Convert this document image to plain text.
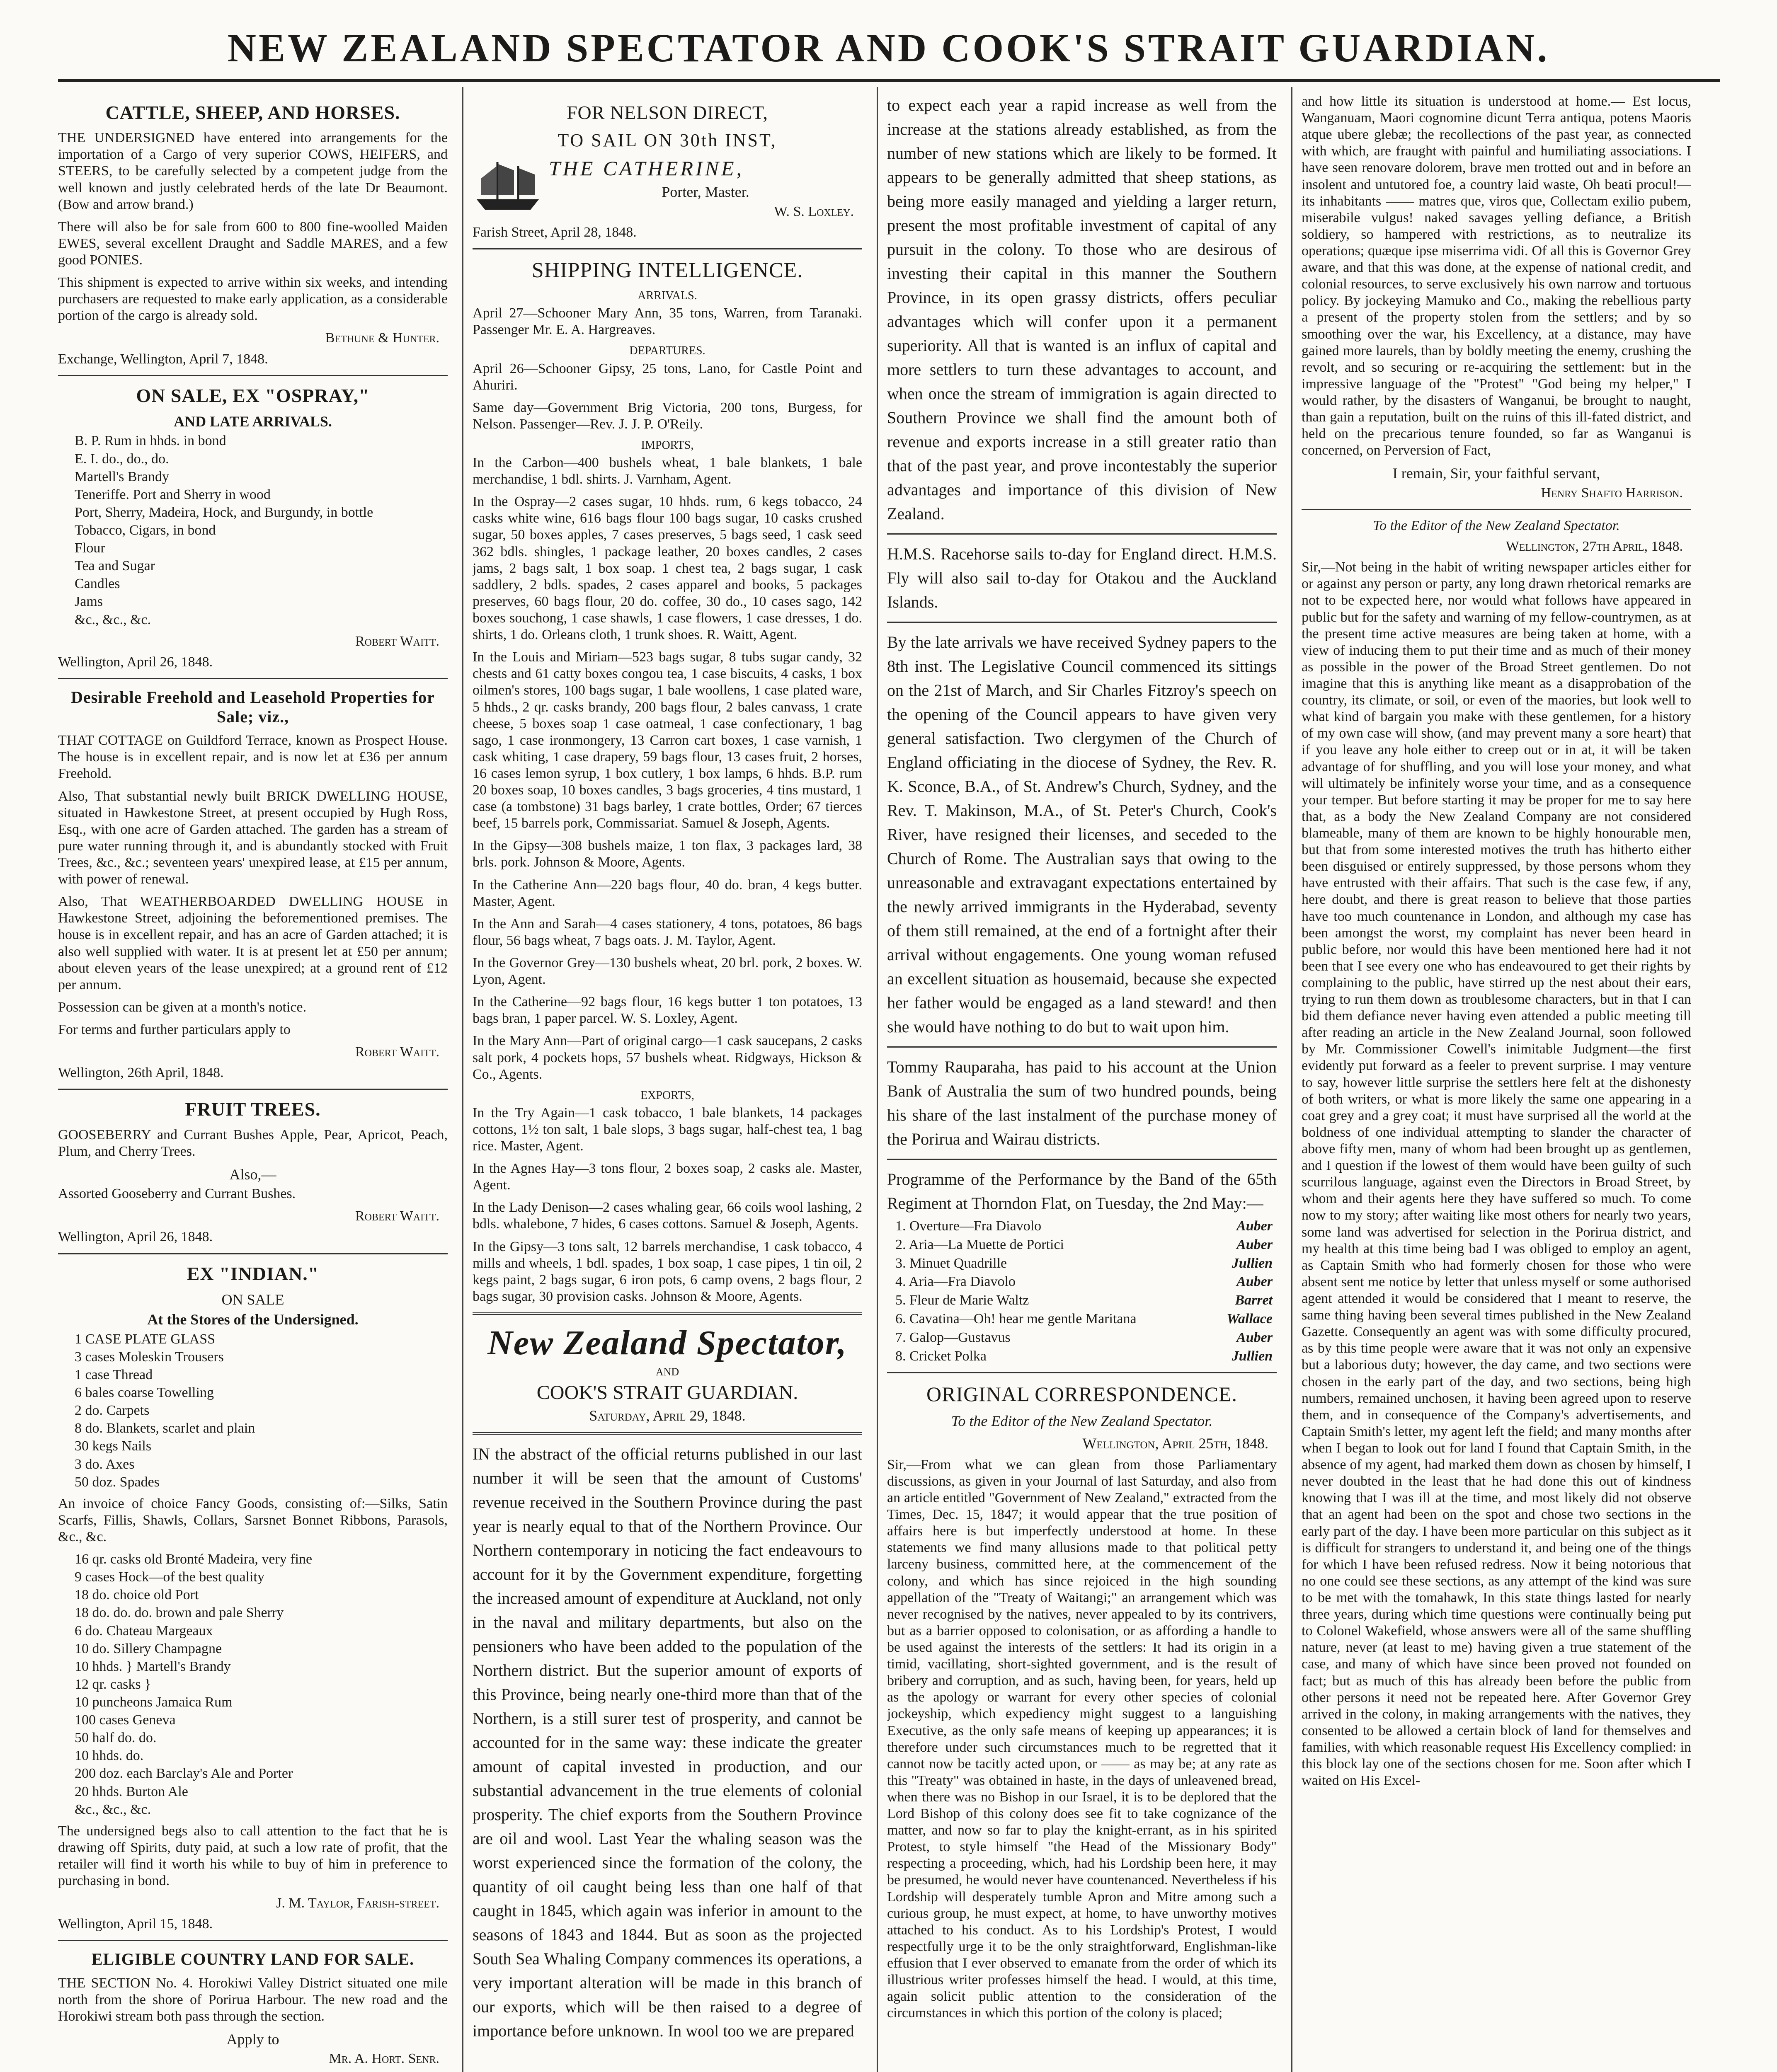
NEW ZEALAND SPECTATOR AND COOK'S STRAIT GUARDIAN.
CATTLE, SHEEP, AND HORSES.
THE UNDERSIGNED have entered into arrangements for the importation of a Cargo of very superior COWS, HEIFERS, and STEERS, to be carefully selected by a competent judge from the well known and justly celebrated herds of the late Dr Beaumont. (Bow and arrow brand.)
There will also be for sale from 600 to 800 fine-woolled Maiden EWES, several excellent Draught and Saddle MARES, and a few good PONIES.
This shipment is expected to arrive within six weeks, and intending purchasers are requested to make early application, as a considerable portion of the cargo is already sold.
Bethune & Hunter.
Exchange, Wellington, April 7, 1848.
ON SALE, EX "OSPRAY,"
AND LATE ARRIVALS.
B. P. Rum in hhds. in bond
E. I. do., do., do.
Martell's Brandy
Teneriffe. Port and Sherry in wood
Port, Sherry, Madeira, Hock, and Burgundy, in bottle
Tobacco, Cigars, in bond
Flour
Tea and Sugar
Candles
Jams
&c., &c., &c.
Robert Waitt.
Wellington, April 26, 1848.
Desirable Freehold and Leasehold Properties for Sale; viz.,
THAT COTTAGE on Guildford Terrace, known as Prospect House. The house is in excellent repair, and is now let at £36 per annum Freehold.
Also, That substantial newly built BRICK DWELLING HOUSE, situated in Hawkestone Street, at present occupied by Hugh Ross, Esq., with one acre of Garden attached. The garden has a stream of pure water running through it, and is abundantly stocked with Fruit Trees, &c., &c.; seventeen years' unexpired lease, at £15 per annum, with power of renewal.
Also, That WEATHERBOARDED DWELLING HOUSE in Hawkestone Street, adjoining the beforementioned premises. The house is in excellent repair, and has an acre of Garden attached; it is also well supplied with water. It is at present let at £50 per annum; about eleven years of the lease unexpired; at a ground rent of £12 per annum.
Possession can be given at a month's notice.
For terms and further particulars apply to
Robert Waitt.
Wellington, 26th April, 1848.
FRUIT TREES.
GOOSEBERRY and Currant Bushes Apple, Pear, Apricot, Peach, Plum, and Cherry Trees.
Also,—
Assorted Gooseberry and Currant Bushes.
Robert Waitt.
Wellington, April 26, 1848.
EX "INDIAN."
ON SALE
At the Stores of the Undersigned.
1 CASE PLATE GLASS
3 cases Moleskin Trousers
1 case Thread
6 bales coarse Towelling
2 do. Carpets
8 do. Blankets, scarlet and plain
30 kegs Nails
3 do. Axes
50 doz. Spades
An invoice of choice Fancy Goods, consisting of:—Silks, Satin Scarfs, Fillis, Shawls, Collars, Sarsnet Bonnet Ribbons, Parasols, &c., &c.
16 qr. casks old Bronté Madeira, very fine
9 cases Hock—of the best quality
18 do. choice old Port
18 do. do. do. brown and pale Sherry
6 do. Chateau Margeaux
10 do. Sillery Champagne
10 hhds. } Martell's Brandy
12 qr. casks }
10 puncheons Jamaica Rum
100 cases Geneva
50 half do. do.
10 hhds. do.
200 doz. each Barclay's Ale and Porter
20 hhds. Burton Ale
&c., &c., &c.
The undersigned begs also to call attention to the fact that he is drawing off Spirits, duty paid, at such a low rate of profit, that the retailer will find it worth his while to buy of him in preference to purchasing in bond.
J. M. Taylor, Farish-street.
Wellington, April 15, 1848.
ELIGIBLE COUNTRY LAND FOR SALE.
THE SECTION No. 4. Horokiwi Valley District situated one mile north from the shore of Porirua Harbour. The new road and the Horokiwi stream both pass through the section.
Apply to
Mr. A. Hort. Senr.
FOR NELSON DIRECT,
TO SAIL ON 30th INST,
THE CATHERINE,
Porter, Master.
W. S. Loxley.
Farish Street, April 28, 1848.
SHIPPING INTELLIGENCE.
ARRIVALS.
April 27—Schooner Mary Ann, 35 tons, Warren, from Taranaki. Passenger Mr. E. A. Hargreaves.
DEPARTURES.
April 26—Schooner Gipsy, 25 tons, Lano, for Castle Point and Ahuriri.
Same day—Government Brig Victoria, 200 tons, Burgess, for Nelson. Passenger—Rev. J. J. P. O'Reily.
IMPORTS,
In the Carbon—400 bushels wheat, 1 bale blankets, 1 bale merchandise, 1 bdl. shirts. J. Varnham, Agent.
In the Ospray—2 cases sugar, 10 hhds. rum, 6 kegs tobacco, 24 casks white wine, 616 bags flour 100 bags sugar, 10 casks crushed sugar, 50 boxes apples, 7 cases preserves, 5 bags seed, 1 cask seed 362 bdls. shingles, 1 package leather, 20 boxes candles, 2 cases jams, 2 bags salt, 1 box soap. 1 chest tea, 2 bags sugar, 1 cask saddlery, 2 bdls. spades, 2 cases apparel and books, 5 packages preserves, 60 bags flour, 20 do. coffee, 30 do., 10 cases sago, 142 boxes souchong, 1 case shawls, 1 case flowers, 1 case dresses, 1 do. shirts, 1 do. Orleans cloth, 1 trunk shoes. R. Waitt, Agent.
In the Louis and Miriam—523 bags sugar, 8 tubs sugar candy, 32 chests and 61 catty boxes congou tea, 1 case biscuits, 4 casks, 1 box oilmen's stores, 100 bags sugar, 1 bale woollens, 1 case plated ware, 5 hhds., 2 qr. casks brandy, 200 bags flour, 2 bales canvass, 1 crate cheese, 5 boxes soap 1 case oatmeal, 1 case confectionary, 1 bag sago, 1 case ironmongery, 13 Carron cart boxes, 1 case varnish, 1 cask whiting, 1 case drapery, 59 bags flour, 13 cases fruit, 2 horses, 16 cases lemon syrup, 1 box cutlery, 1 box lamps, 6 hhds. B.P. rum 20 boxes soap, 10 boxes candles, 3 bags groceries, 4 tins mustard, 1 case (a tombstone) 31 bags barley, 1 crate bottles, Order; 67 tierces beef, 15 barrels pork, Commissariat. Samuel & Joseph, Agents.
In the Gipsy—308 bushels maize, 1 ton flax, 3 packages lard, 38 brls. pork. Johnson & Moore, Agents.
In the Catherine Ann—220 bags flour, 40 do. bran, 4 kegs butter. Master, Agent.
In the Ann and Sarah—4 cases stationery, 4 tons, potatoes, 86 bags flour, 56 bags wheat, 7 bags oats. J. M. Taylor, Agent.
In the Governor Grey—130 bushels wheat, 20 brl. pork, 2 boxes. W. Lyon, Agent.
In the Catherine—92 bags flour, 16 kegs butter 1 ton potatoes, 13 bags bran, 1 paper parcel. W. S. Loxley, Agent.
In the Mary Ann—Part of original cargo—1 cask saucepans, 2 casks salt pork, 4 pockets hops, 57 bushels wheat. Ridgways, Hickson & Co., Agents.
EXPORTS,
In the Try Again—1 cask tobacco, 1 bale blankets, 14 packages cottons, 1½ ton salt, 1 bale slops, 3 bags sugar, half-chest tea, 1 bag rice. Master, Agent.
In the Agnes Hay—3 tons flour, 2 boxes soap, 2 casks ale. Master, Agent.
In the Lady Denison—2 cases whaling gear, 66 coils wool lashing, 2 bdls. whalebone, 7 hides, 6 cases cottons. Samuel & Joseph, Agents.
In the Gipsy—3 tons salt, 12 barrels merchandise, 1 cask tobacco, 4 mills and wheels, 1 bdl. spades, 1 box soap, 1 case pipes, 1 tin oil, 2 kegs paint, 2 bags sugar, 6 iron pots, 6 camp ovens, 2 bags flour, 2 bags sugar, 30 provision casks. Johnson & Moore, Agents.
New Zealand Spectator,
AND
COOK'S STRAIT GUARDIAN.
Saturday, April 29, 1848.
IN the abstract of the official returns published in our last number it will be seen that the amount of Customs' revenue received in the Southern Province during the past year is nearly equal to that of the Northern Province. Our Northern contemporary in noticing the fact endeavours to account for it by the Government expenditure, forgetting the increased amount of expenditure at Auckland, not only in the naval and military departments, but also on the pensioners who have been added to the population of the Northern district. But the superior amount of exports of this Province, being nearly one-third more than that of the Northern, is a still surer test of prosperity, and cannot be accounted for in the same way: these indicate the greater amount of capital invested in production, and our substantial advancement in the true elements of colonial prosperity. The chief exports from the Southern Province are oil and wool. Last Year the whaling season was the worst experienced since the formation of the colony, the quantity of oil caught being less than one half of that caught in 1845, which again was inferior in amount to the seasons of 1843 and 1844. But as soon as the projected South Sea Whaling Company commences its operations, a very important alteration will be made in this branch of our exports, which will be then raised to a degree of importance before unknown. In wool too we are prepared
to expect each year a rapid increase as well from the increase at the stations already established, as from the number of new stations which are likely to be formed. It appears to be generally admitted that sheep stations, as being more easily managed and yielding a larger return, present the most profitable investment of capital of any pursuit in the colony. To those who are desirous of investing their capital in this manner the Southern Province, in its open grassy districts, offers peculiar advantages which will confer upon it a permanent superiority. All that is wanted is an influx of capital and more settlers to turn these advantages to account, and when once the stream of immigration is again directed to Southern Province we shall find the amount both of revenue and exports increase in a still greater ratio than that of the past year, and prove incontestably the superior advantages and importance of this division of New Zealand.
H.M.S. Racehorse sails to-day for England direct. H.M.S. Fly will also sail to-day for Otakou and the Auckland Islands.
By the late arrivals we have received Sydney papers to the 8th inst. The Legislative Council commenced its sittings on the 21st of March, and Sir Charles Fitzroy's speech on the opening of the Council appears to have given very general satisfaction. Two clergymen of the Church of England officiating in the diocese of Sydney, the Rev. R. K. Sconce, B.A., of St. Andrew's Church, Sydney, and the Rev. T. Makinson, M.A., of St. Peter's Church, Cook's River, have resigned their licenses, and seceded to the Church of Rome. The Australian says that owing to the unreasonable and extravagant expectations entertained by the newly arrived immigrants in the Hyderabad, seventy of them still remained, at the end of a fortnight after their arrival without engagements. One young woman refused an excellent situation as housemaid, because she expected her father would be engaged as a land steward! and then she would have nothing to do but to wait upon him.
Tommy Rauparaha, has paid to his account at the Union Bank of Australia the sum of two hundred pounds, being his share of the last instalment of the purchase money of the Porirua and Wairau districts.
Programme of the Performance by the Band of the 65th Regiment at Thorndon Flat, on Tuesday, the 2nd May:—
1. Overture—Fra Diavolo	Auber
2. Aria—La Muette de Portici	Auber
3. Minuet Quadrille	Jullien
4. Aria—Fra Diavolo	Auber
5. Fleur de Marie Waltz	Barret
6. Cavatina—Oh! hear me gentle Maritana	Wallace
7. Galop—Gustavus	Auber
8. Cricket Polka	Jullien
ORIGINAL CORRESPONDENCE.
To the Editor of the New Zealand Spectator.
Wellington, April 25th, 1848.
Sir,—From what we can glean from those Parliamentary discussions, as given in your Journal of last Saturday, and also from an article entitled "Government of New Zealand," extracted from the Times, Dec. 15, 1847; it would appear that the true position of affairs here is but imperfectly understood at home. In these statements we find many allusions made to that political petty larceny business, committed here, at the commencement of the colony, and which has since rejoiced in the high sounding appellation of the "Treaty of Waitangi;" an arrangement which was never recognised by the natives, never appealed to by its contrivers, but as a barrier opposed to colonisation, or as affording a handle to be used against the interests of the settlers: It had its origin in a timid, vacillating, short-sighted government, and is the result of bribery and corruption, and as such, having been, for years, held up as the apology or warrant for every other species of colonial jockeyship, which expediency might suggest to a languishing Executive, as the only safe means of keeping up appearances; it is therefore under such circumstances much to be regretted that it cannot now be tacitly acted upon, or —— as may be; at any rate as this "Treaty" was obtained in haste, in the days of unleavened bread, when there was no Bishop in our Israel, it is to be deplored that the Lord Bishop of this colony does see fit to take cognizance of the matter, and now so far to play the knight-errant, as in his spirited Protest, to style himself "the Head of the Missionary Body" respecting a proceeding, which, had his Lordship been here, it may be presumed, he would never have countenanced. Nevertheless if his Lordship will desperately tumble Apron and Mitre among such a curious group, he must expect, at home, to have unworthy motives attached to his conduct. As to his Lordship's Protest, I would respectfully urge it to be the only straightforward, Englishman-like effusion that I ever observed to emanate from the order of which its illustrious writer professes himself the head. I would, at this time, again solicit public attention to the consideration of the circumstances in which this portion of the colony is placed;
and how little its situation is understood at home.— Est locus, Wanganuam, Maori cognomine dicunt Terra antiqua, potens Maoris atque ubere glebæ; the recollections of the past year, as connected with which, are fraught with painful and humiliating associations. I have seen renovare dolorem, brave men trotted out and in before an insolent and untutored foe, a country laid waste, Oh beati procul!—its inhabitants —— matres que, viros que, Collectam exilio pubem, miserabile vulgus! naked savages yelling defiance, a British soldiery, so hampered with restrictions, as to neutralize its operations; quæque ipse miserrima vidi. Of all this is Governor Grey aware, and that this was done, at the expense of national credit, and colonial resources, to serve exclusively his own narrow and tortuous policy. By jockeying Mamuko and Co., making the rebellious party a present of the property stolen from the settlers; and by so smoothing over the war, his Excellency, at a distance, may have gained more laurels, than by boldly meeting the enemy, crushing the revolt, and so securing or re-acquiring the settlement: but in the impressive language of the "Protest" "God being my helper," I would rather, by the disasters of Wanganui, be brought to naught, than gain a reputation, built on the ruins of this ill-fated district, and held on the precarious tenure founded, so far as Wanganui is concerned, on Perversion of Fact,
I remain, Sir, your faithful servant,
Henry Shafto Harrison.
To the Editor of the New Zealand Spectator.
Wellington, 27th April, 1848.
Sir,—Not being in the habit of writing newspaper articles either for or against any person or party, any long drawn rhetorical remarks are not to be expected here, nor would what follows have appeared in public but for the safety and warning of my fellow-countrymen, as at the present time active measures are being taken at home, with a view of inducing them to put their time and as much of their money as possible in the power of the Broad Street gentlemen. Do not imagine that this is anything like meant as a disapprobation of the country, its climate, or soil, or even of the maories, but look well to what kind of bargain you make with these gentlemen, for a history of my own case will show, (and may prevent many a sore heart) that if you leave any hole either to creep out or in at, it will be taken advantage of for shuffling, and you will lose your money, and what will ultimately be infinitely worse your time, and as a consequence your temper. But before starting it may be proper for me to say here that, as a body the New Zealand Company are not considered blameable, many of them are known to be highly honourable men, but that from some interested motives the truth has hitherto either been disguised or entirely suppressed, by those persons whom they have entrusted with their affairs. That such is the case few, if any, here doubt, and there is great reason to believe that those parties have too much countenance in London, and although my case has been amongst the worst, my complaint has never been heard in public before, nor would this have been mentioned here had it not been that I see every one who has endeavoured to get their rights by complaining to the public, have stirred up the nest about their ears, trying to run them down as troublesome characters, but in that I can bid them defiance never having even attended a public meeting till after reading an article in the New Zealand Journal, soon followed by Mr. Commissioner Cowell's inimitable Judgment—the first evidently put forward as a feeler to prevent surprise. I may venture to say, however little surprise the settlers here felt at the dishonesty of both writers, or what is more likely the same one appearing in a coat grey and a grey coat; it must have surprised all the world at the boldness of one individual attempting to slander the character of above fifty men, many of whom had been brought up as gentlemen, and I question if the lowest of them would have been guilty of such scurrilous language, against even the Directors in Broad Street, by whom and their agents here they have suffered so much. To come now to my story; after waiting like most others for nearly two years, some land was advertised for selection in the Porirua district, and my health at this time being bad I was obliged to employ an agent, as Captain Smith who had formerly chosen for those who were absent sent me notice by letter that unless myself or some authorised agent attended it would be considered that I meant to reserve, the same thing having been several times published in the New Zealand Gazette. Consequently an agent was with some difficulty procured, as by this time people were aware that it was not only an expensive but a laborious duty; however, the day came, and two sections were chosen in the early part of the day, and two sections, being high numbers, remained unchosen, it having been agreed upon to reserve them, and in consequence of the Company's advertisements, and Captain Smith's letter, my agent left the field; and many months after when I began to look out for land I found that Captain Smith, in the absence of my agent, had marked them down as chosen by himself, I never doubted in the least that he had done this out of kindness knowing that I was ill at the time, and most likely did not observe that an agent had been on the spot and chose two sections in the early part of the day. I have been more particular on this subject as it is difficult for strangers to understand it, and being one of the things for which I have been refused redress. Now it being notorious that no one could see these sections, as any attempt of the kind was sure to be met with the tomahawk, In this state things lasted for nearly three years, during which time questions were continually being put to Colonel Wakefield, whose answers were all of the same shuffling nature, never (at least to me) having given a true statement of the case, and many of which have since been proved not founded on fact; but as much of this has already been before the public from other persons it need not be repeated here. After Governor Grey arrived in the colony, in making arrangements with the natives, they consented to be allowed a certain block of land for themselves and families, with which reasonable request His Excellency complied: in this block lay one of the sections chosen for me. Soon after which I waited on His Excel-
